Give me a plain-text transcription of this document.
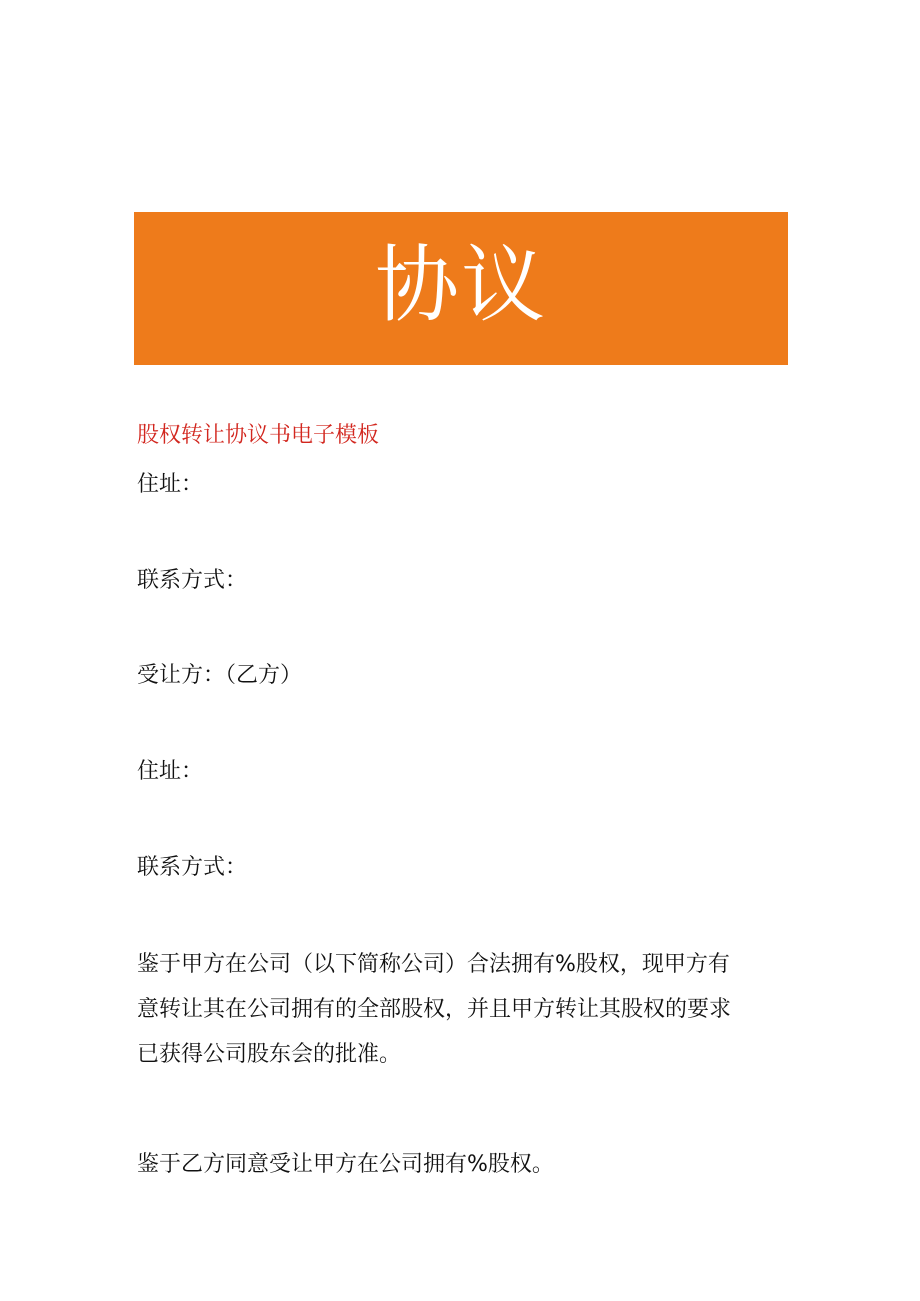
协议
股权转让协议书电子模板
住址：
联系方式：
受让方：（乙方）
住址：
联系方式：
鉴于甲方在公司（以下简称公司）合法拥有%股权，现甲方有
意转让其在公司拥有的全部股权，并且甲方转让其股权的要求
已获得公司股东会的批准。
鉴于乙方同意受让甲方在公司拥有%股权。
